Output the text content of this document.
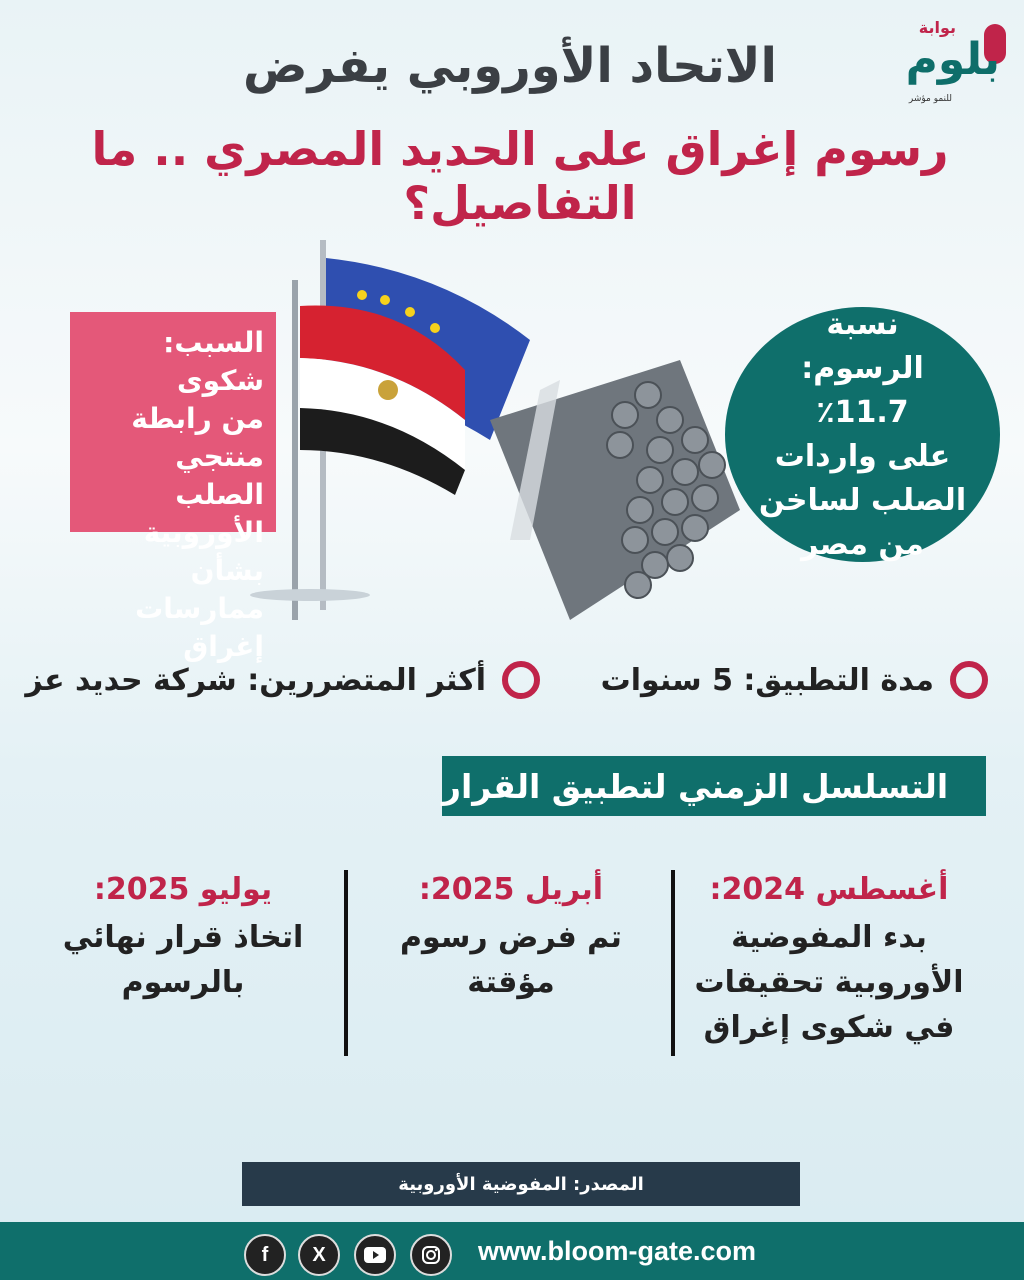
بوابة
بلوم
للنمو مؤشر
الاتحاد الأوروبي يفرض
رسوم إغراق على الحديد المصري .. ما التفاصيل؟
السبب: شكوى
من رابطة
منتجي الصلب
الأوروبية بشأن
ممارسات إغراق
نسبة
الرسوم: 11.7٪
على واردات
الصلب لساخن
من مصر
مدة التطبيق: 5 سنوات
أكثر المتضررين: شركة حديد عز
التسلسل الزمني لتطبيق القرار
أغسطس 2024:
بدء المفوضية
الأوروبية تحقيقات
في شكوى إغراق
أبريل 2025:
تم فرض رسوم
مؤقتة
يوليو 2025:
اتخاذ قرار نهائي
بالرسوم
المصدر: المفوضية الأوروبية
www.bloom-gate.com
f	X
